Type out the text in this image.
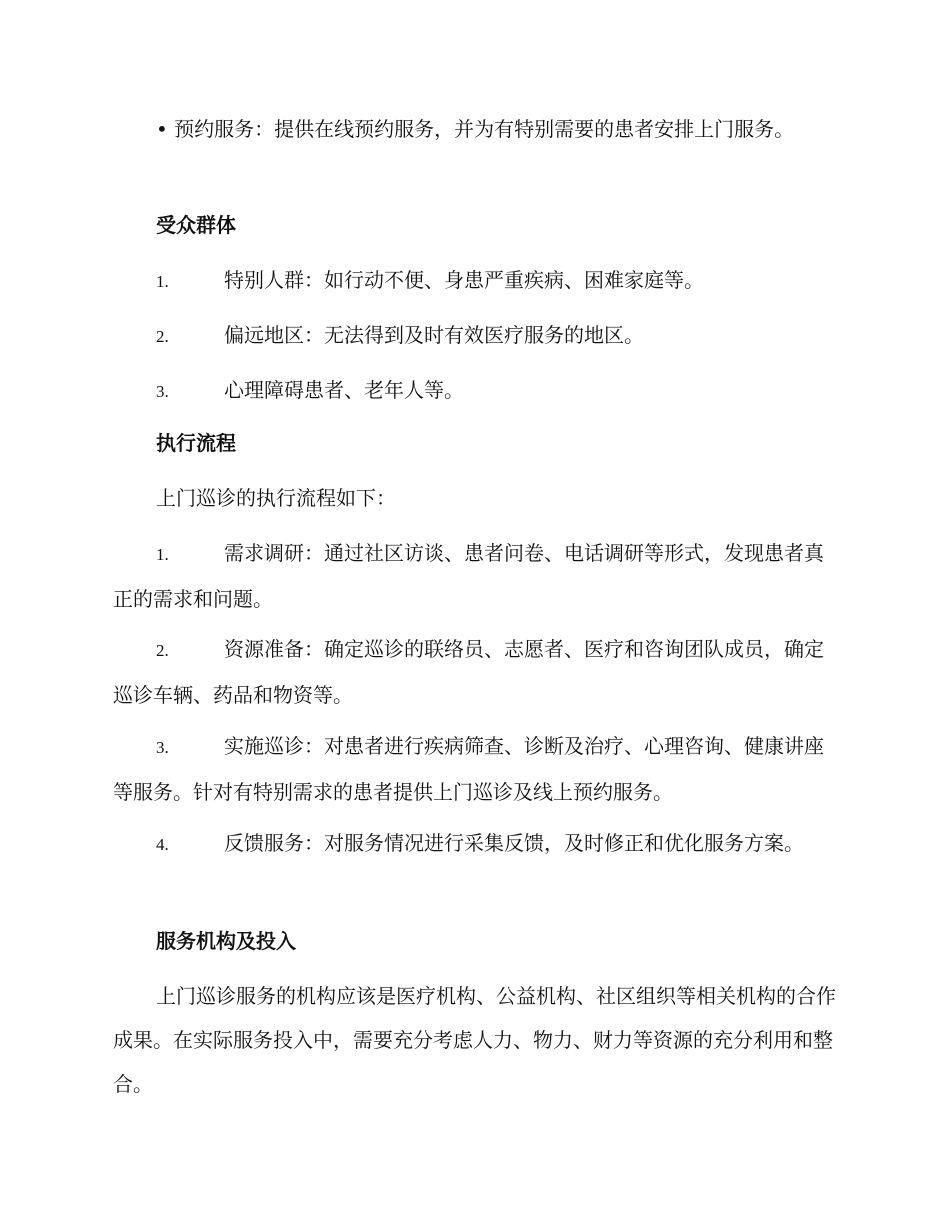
• 预约服务：提供在线预约服务，并为有特别需要的患者安排上门服务。
受众群体
1.	特别人群：如行动不便、身患严重疾病、困难家庭等。
2.	偏远地区：无法得到及时有效医疗服务的地区。
3.	心理障碍患者、老年人等。
执行流程
上门巡诊的执行流程如下：
1.	需求调研：通过社区访谈、患者问卷、电话调研等形式，发现患者真正的需求和问题。
2.	资源准备：确定巡诊的联络员、志愿者、医疗和咨询团队成员，确定巡诊车辆、药品和物资等。
3.	实施巡诊：对患者进行疾病筛查、诊断及治疗、心理咨询、健康讲座等服务。针对有特别需求的患者提供上门巡诊及线上预约服务。
4.	反馈服务：对服务情况进行采集反馈，及时修正和优化服务方案。
服务机构及投入
上门巡诊服务的机构应该是医疗机构、公益机构、社区组织等相关机构的合作成果。在实际服务投入中，需要充分考虑人力、物力、财力等资源的充分利用和整合。
